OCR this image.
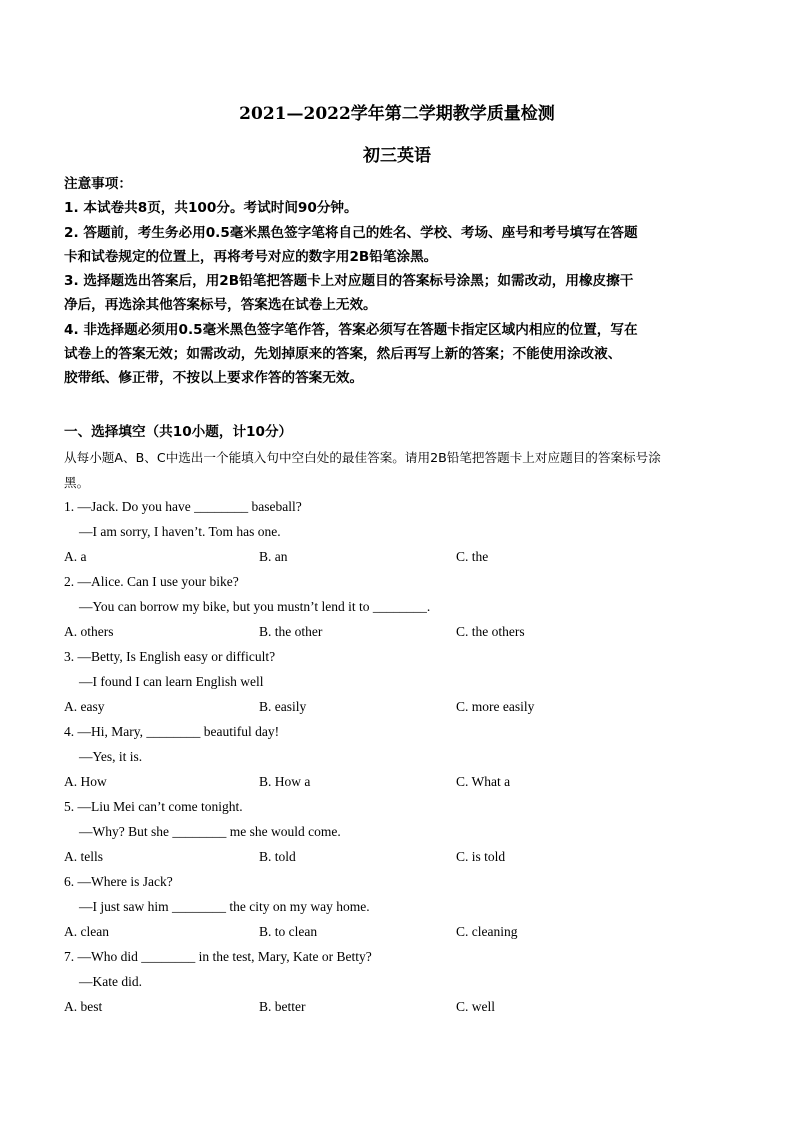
2021—2022学年第二学期教学质量检测
初三英语
注意事项：
1. 本试卷共8页，共100分。考试时间90分钟。
2. 答题前，考生务必用0.5毫米黑色签字笔将自己的姓名、学校、考场、座号和考号填写在答题
卡和试卷规定的位置上，再将考号对应的数字用2B铅笔涂黑。
3. 选择题选出答案后，用2B铅笔把答题卡上对应题目的答案标号涂黑；如需改动，用橡皮擦干
净后，再选涂其他答案标号，答案选在试卷上无效。
4. 非选择题必须用0.5毫米黑色签字笔作答，答案必须写在答题卡指定区域内相应的位置，写在
试卷上的答案无效；如需改动，先划掉原来的答案，然后再写上新的答案；不能使用涂改液、
胶带纸、修正带，不按以上要求作答的答案无效。
一、选择填空（共10小题，计10分）
从每小题A、B、C中选出一个能填入句中空白处的最佳答案。请用2B铅笔把答题卡上对应题目的答案标号涂
黑。
1. —Jack. Do you have ________ baseball?
—I am sorry, I haven’t. Tom has one.
A. a	B. an	C. the
2. —Alice. Can I use your bike?
—You can borrow my bike, but you mustn’t lend it to ________.
A. others	B. the other	C. the others
3. —Betty, Is English easy or difficult?
—I found I can learn English well
A. easy	B. easily	C. more easily
4. —Hi, Mary, ________ beautiful day!
—Yes, it is.
A. How	B. How a	C. What a
5. —Liu Mei can’t come tonight.
—Why? But she ________ me she would come.
A. tells	B. told	C. is told
6. —Where is Jack?
—I just saw him ________ the city on my way home.
A. clean	B. to clean	C. cleaning
7. —Who did ________ in the test, Mary, Kate or Betty?
—Kate did.
A. best	B. better	C. well
